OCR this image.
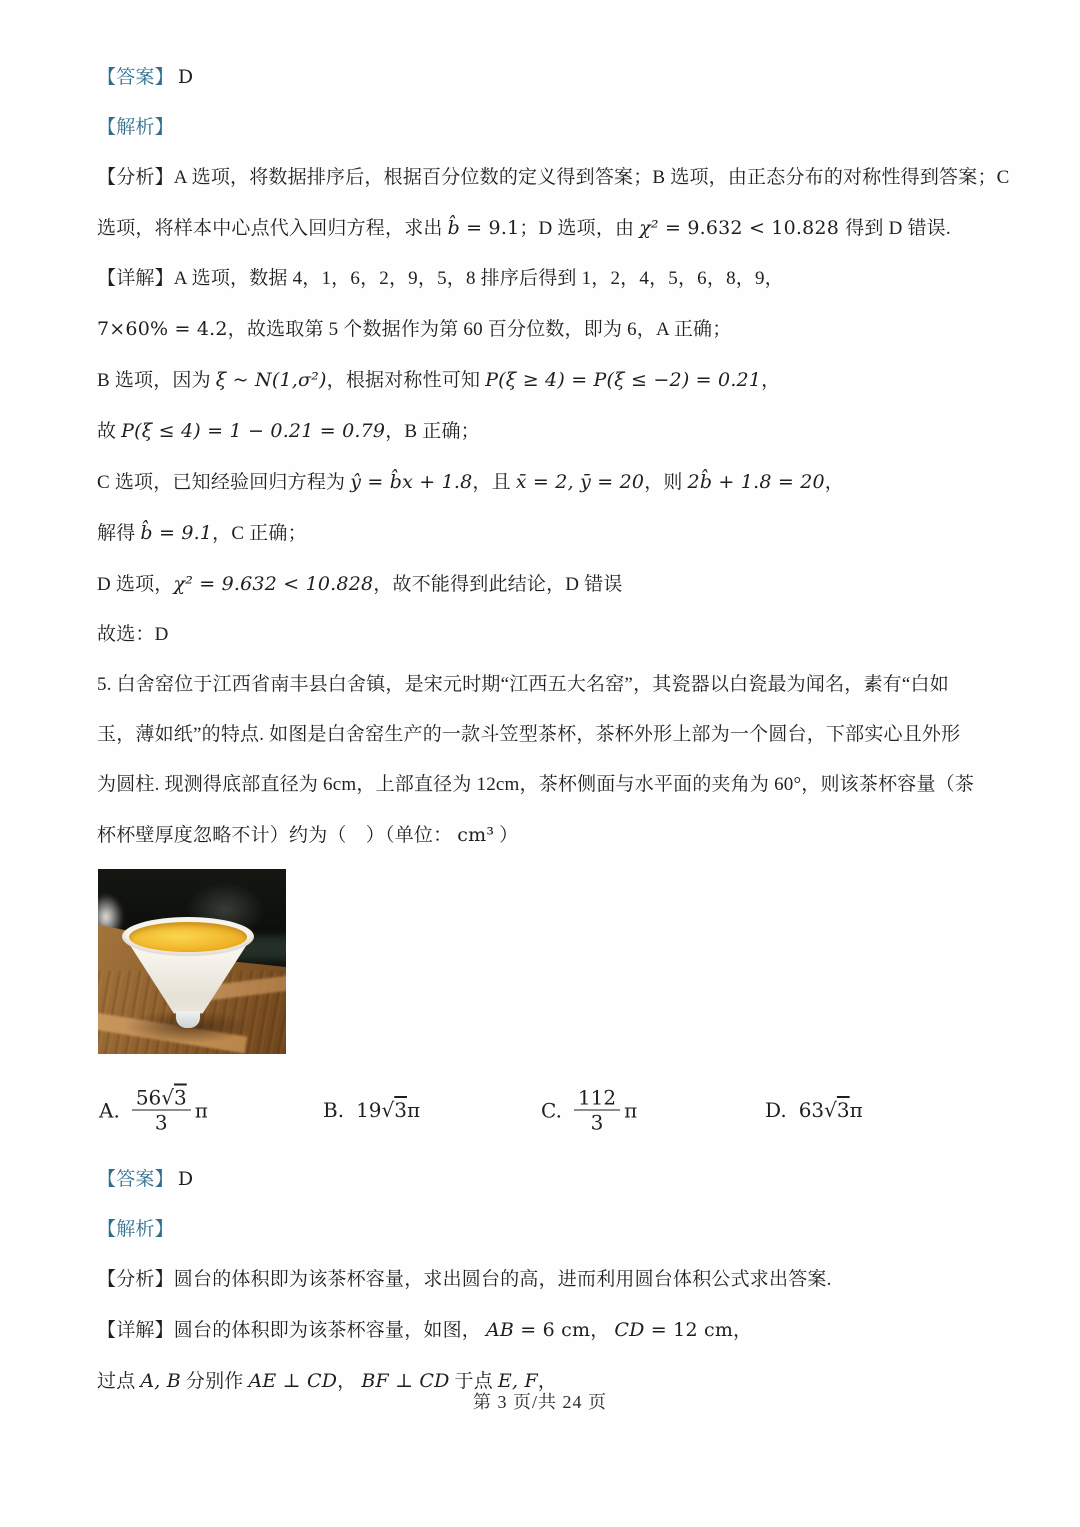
【答案】 D

【解析】

【分析】A 选项，将数据排序后，根据百分位数的定义得到答案；B 选项，由正态分布的对称性得到答案；C

选项，将样本中心点代入回归方程，求出 b̂ = 9.1；D 选项，由 χ² = 9.632 < 10.828 得到 D 错误.

【详解】A 选项，数据 4，1，6，2，9，5，8 排序后得到 1，2，4，5，6，8，9，

7×60% = 4.2，故选取第 5 个数据作为第 60 百分位数，即为 6，A 正确；

B 选项，因为 ξ ~ N(1,σ²)，根据对称性可知 P(ξ ≥ 4) = P(ξ ≤ −2) = 0.21，

故 P(ξ ≤ 4) = 1 − 0.21 = 0.79，B 正确；

C 选项，已知经验回归方程为 ŷ = b̂x + 1.8，且 x̄ = 2, ȳ = 20，则 2b̂ + 1.8 = 20，

解得 b̂ = 9.1，C 正确；

D 选项，χ² = 9.632 < 10.828，故不能得到此结论，D 错误

故选：D

5. 白舍窑位于江西省南丰县白舍镇，是宋元时期“江西五大名窑”，其瓷器以白瓷最为闻名，素有“白如

玉，薄如纸”的特点. 如图是白舍窑生产的一款斗笠型茶杯，茶杯外形上部为一个圆台，下部实心且外形

为圆柱. 现测得底部直径为 6cm，上部直径为 12cm，茶杯侧面与水平面的夹角为 60°，则该茶杯容量（茶

杯杯壁厚度忽略不计）约为（　）（单位： cm³ ）

A. $\frac{56 √ 3}{3}$ π	B. 19 √ 3 π	C. $\frac{112}{3}$ π	D. 63 √ 3 π

【答案】 D

【解析】

【分析】圆台的体积即为该茶杯容量，求出圆台的高，进而利用圆台体积公式求出答案.

【详解】圆台的体积即为该茶杯容量，如图， AB = 6 cm， CD = 12 cm，

过点 A, B 分别作 AE ⊥ CD， BF ⊥ CD 于点 E, F，

第 3 页/共 24 页
